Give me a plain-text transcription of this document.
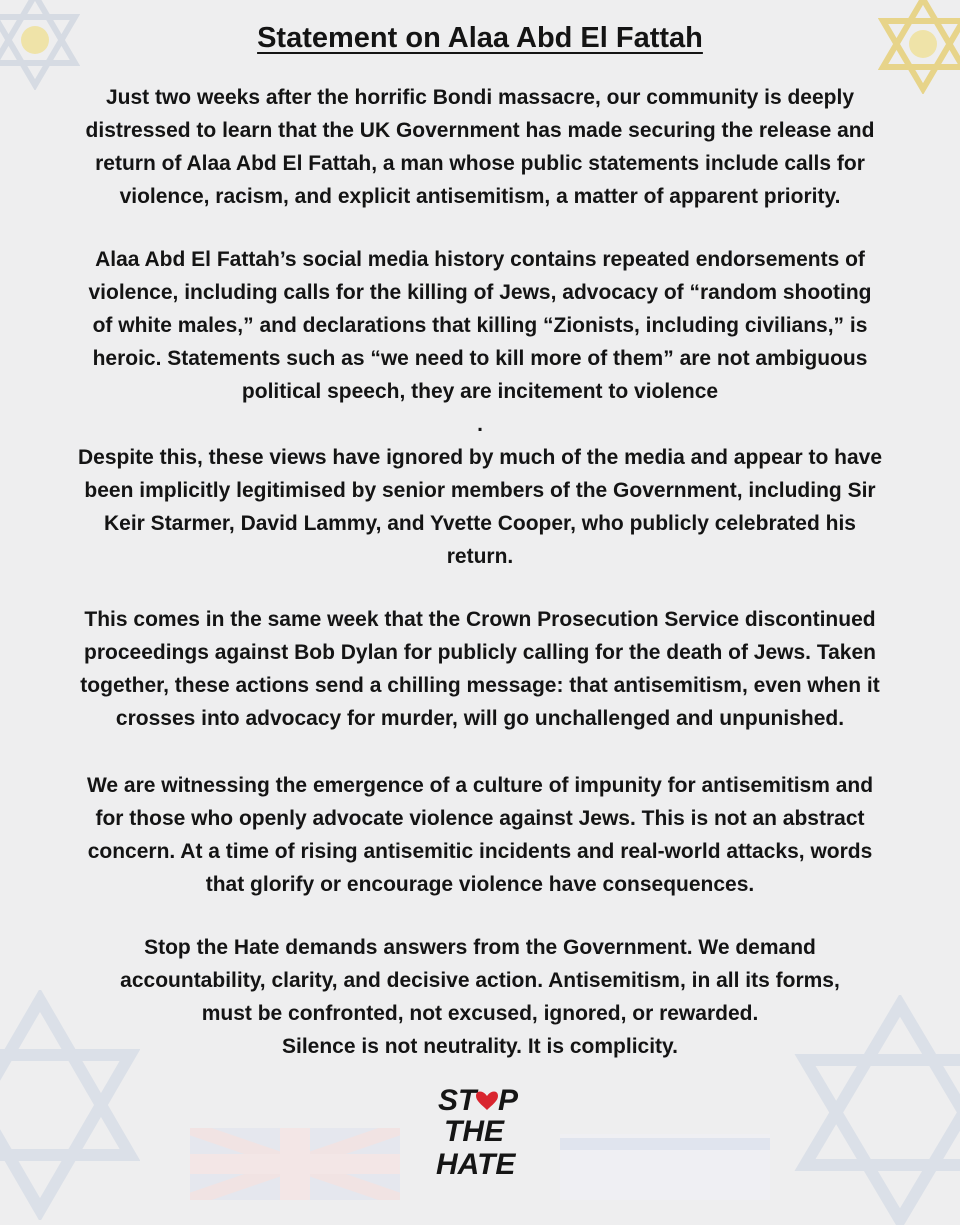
Statement on Alaa Abd El Fattah
Just two weeks after the horrific Bondi massacre, our community is deeply
distressed to learn that the UK Government has made securing the release and
return of Alaa Abd El Fattah, a man whose public statements include calls for
violence, racism, and explicit antisemitism, a matter of apparent priority.
Alaa Abd El Fattah’s social media history contains repeated endorsements of
violence, including calls for the killing of Jews, advocacy of “random shooting
of white males,” and declarations that killing “Zionists, including civilians,” is
heroic. Statements such as “we need to kill more of them” are not ambiguous
political speech, they are incitement to violence
.
Despite this, these views have ignored by much of the media and appear to have
been implicitly legitimised by senior members of the Government, including Sir
Keir Starmer, David Lammy, and Yvette Cooper, who publicly celebrated his
return.
This comes in the same week that the Crown Prosecution Service discontinued
proceedings against Bob Dylan for publicly calling for the death of Jews. Taken
together, these actions send a chilling message: that antisemitism, even when it
crosses into advocacy for murder, will go unchallenged and unpunished.
We are witnessing the emergence of a culture of impunity for antisemitism and
for those who openly advocate violence against Jews. This is not an abstract
concern. At a time of rising antisemitic incidents and real-world attacks, words
that glorify or encourage violence have consequences.
Stop the Hate demands answers from the Government. We demand
accountability, clarity, and decisive action. Antisemitism, in all its forms,
must be confronted, not excused, ignored, or rewarded.
Silence is not neutrality. It is complicity.
ST P
THE
HATE
